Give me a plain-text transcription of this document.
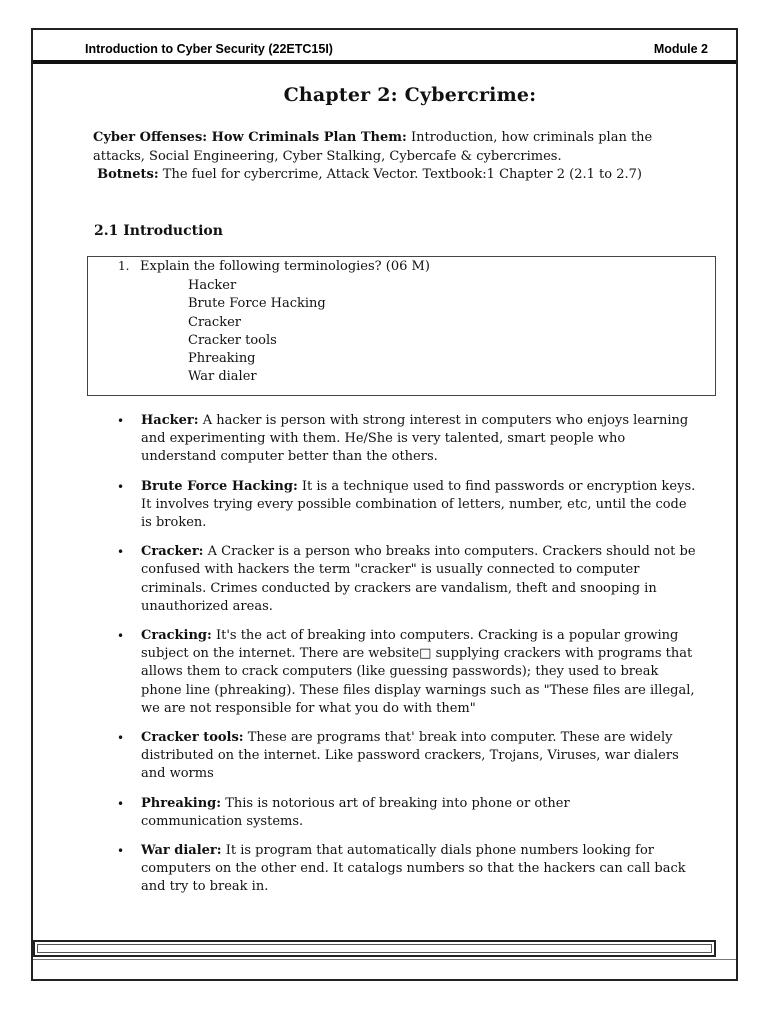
Introduction to Cyber Security (22ETC15I)	Module 2
Chapter 2: Cybercrime:
Cyber Offenses: How Criminals Plan Them: Introduction, how criminals plan the
attacks, Social Engineering, Cyber Stalking, Cybercafe & cybercrimes.
Botnets: The fuel for cybercrime, Attack Vector. Textbook:1 Chapter 2 (2.1 to 2.7)
2.1 Introduction
1. Explain the following terminologies? (06 M)
Hacker
Brute Force Hacking
Cracker
Cracker tools
Phreaking
War dialer
• Hacker: A hacker is person with strong interest in computers who enjoys learning
and experimenting with them. He/She is very talented, smart people who
understand computer better than the others.
• Brute Force Hacking: It is a technique used to find passwords or encryption keys.
It involves trying every possible combination of letters, number, etc, until the code
is broken.
• Cracker: A Cracker is a person who breaks into computers. Crackers should not be
confused with hackers the term "cracker" is usually connected to computer
criminals. Crimes conducted by crackers are vandalism, theft and snooping in
unauthorized areas.
• Cracking: It's the act of breaking into computers. Cracking is a popular growing
subject on the internet. There are website□ supplying crackers with programs that
allows them to crack computers (like guessing passwords); they used to break
phone line (phreaking). These files display warnings such as "These files are illegal,
we are not responsible for what you do with them"
• Cracker tools: These are programs that' break into computer. These are widely
distributed on the internet. Like password crackers, Trojans, Viruses, war dialers
and worms
• Phreaking: This is notorious art of breaking into phone or other
communication systems.
• War dialer: It is program that automatically dials phone numbers looking for
computers on the other end. It catalogs numbers so that the hackers can call back
and try to break in.
